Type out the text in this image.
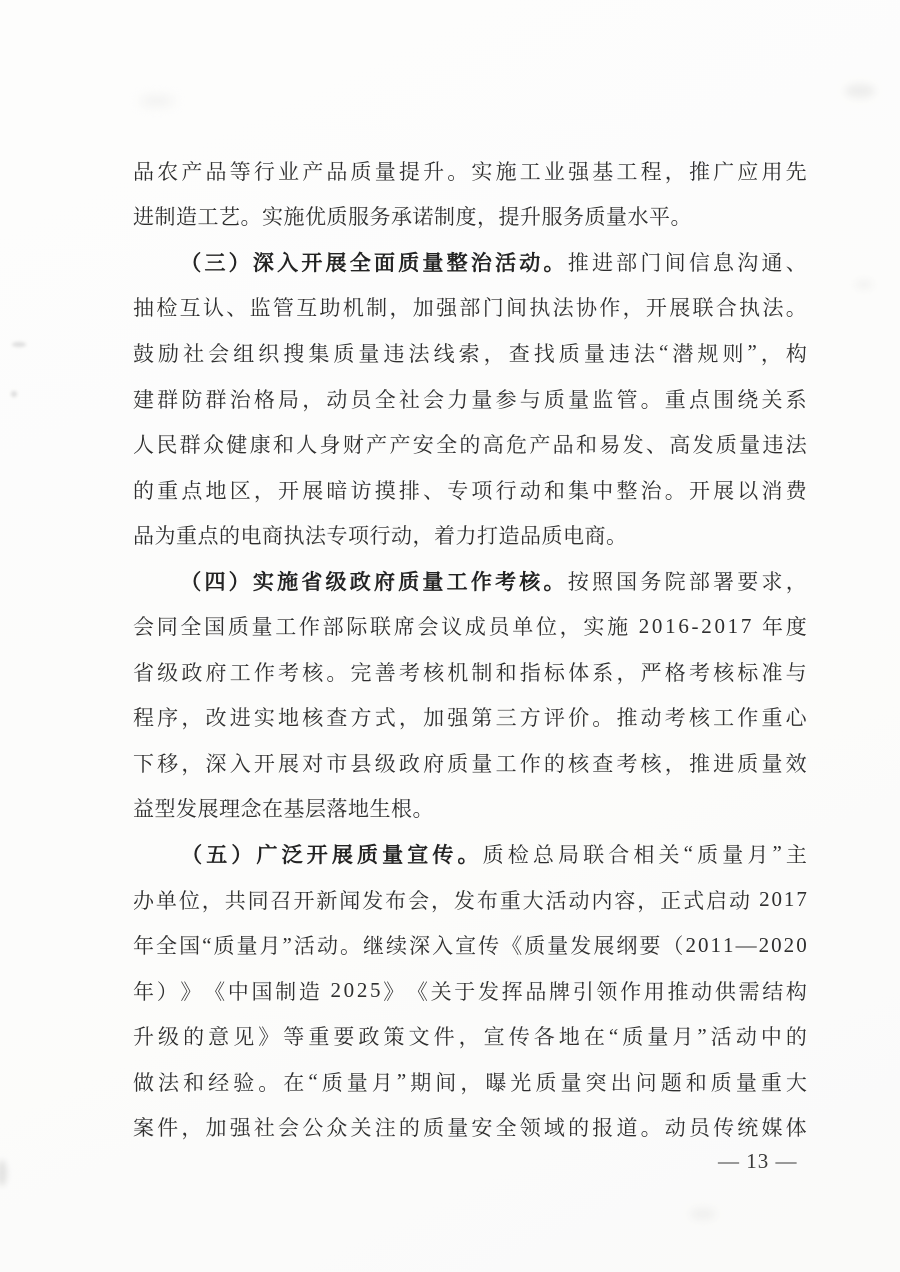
品 农 产 品 等 行 业 产 品 质 量 提 升 。 实 施 工 业 强 基 工 程 ， 推 广 应 用 先
进制造工艺。实施优质服务承诺制度，提升服务质量水平。
（ 三 ） 深 入 开 展 全 面 质 量 整 治 活 动 。 推 进 部 门 间 信 息 沟 通 、
抽 检 互 认 、 监 管 互 助 机 制 ， 加 强 部 门 间 执 法 协 作 ， 开 展 联 合 执 法 。
鼓 励 社 会 组 织 搜 集 质 量 违 法 线 索 ， 查 找 质 量 违 法 “ 潜 规 则 ” ， 构
建 群 防 群 治 格 局 ， 动 员 全 社 会 力 量 参 与 质 量 监 管 。 重 点 围 绕 关 系
人 民 群 众 健 康 和 人 身 财 产 产 安 全 的 高 危 产 品 和 易 发 、 高 发 质 量 违 法
的 重 点 地 区 ， 开 展 暗 访 摸 排 、 专 项 行 动 和 集 中 整 治 。 开 展 以 消 费
品为重点的电商执法专项行动，着力打造品质电商。
（ 四 ） 实 施 省 级 政 府 质 量 工 作 考 核 。 按 照 国 务 院 部 署 要 求 ，
会 同 全 国 质 量 工 作 部 际 联 席 会 议 成 员 单 位 ， 实 施
2 0 1 6 - 2 0 1 7
年 度
省 级 政 府 工 作 考 核 。 完 善 考 核 机 制 和 指 标 体 系 ， 严 格 考 核 标 准 与
程 序 ， 改 进 实 地 核 查 方 式 ， 加 强 第 三 方 评 价 。 推 动 考 核 工 作 重 心
下 移 ， 深 入 开 展 对 市 县 级 政 府 质 量 工 作 的 核 查 考 核 ， 推 进 质 量 效
益型发展理念在基层落地生根。
（ 五 ） 广 泛 开 展 质 量 宣 传 。 质 检 总 局 联 合 相 关 “ 质 量 月 ” 主
办 单 位 ， 共 同 召 开 新 闻 发 布 会 ， 发 布 重 大 活 动 内 容 ， 正 式 启 动
2 0 1 7
年 全 国 “ 质 量 月 ” 活 动 。 继 续 深 入 宣 传 《 质 量 发 展 纲 要 （ 2 0 1 1 — 2 0 2 0
年 ） 》 《 中 国 制 造
2 0 2 5 》 《 关 于 发 挥 品 牌 引 领 作 用 推 动 供 需 结 构
升 级 的 意 见 》 等 重 要 政 策 文 件 ， 宣 传 各 地 在 “ 质 量 月 ” 活 动 中 的
做 法 和 经 验 。 在 “ 质 量 月 ” 期 间 ， 曝 光 质 量 突 出 问 题 和 质 量 重 大
案 件 ， 加 强 社 会 公 众 关 注 的 质 量 安 全 领 域 的 报 道 。 动 员 传 统 媒 体
— 13 —
